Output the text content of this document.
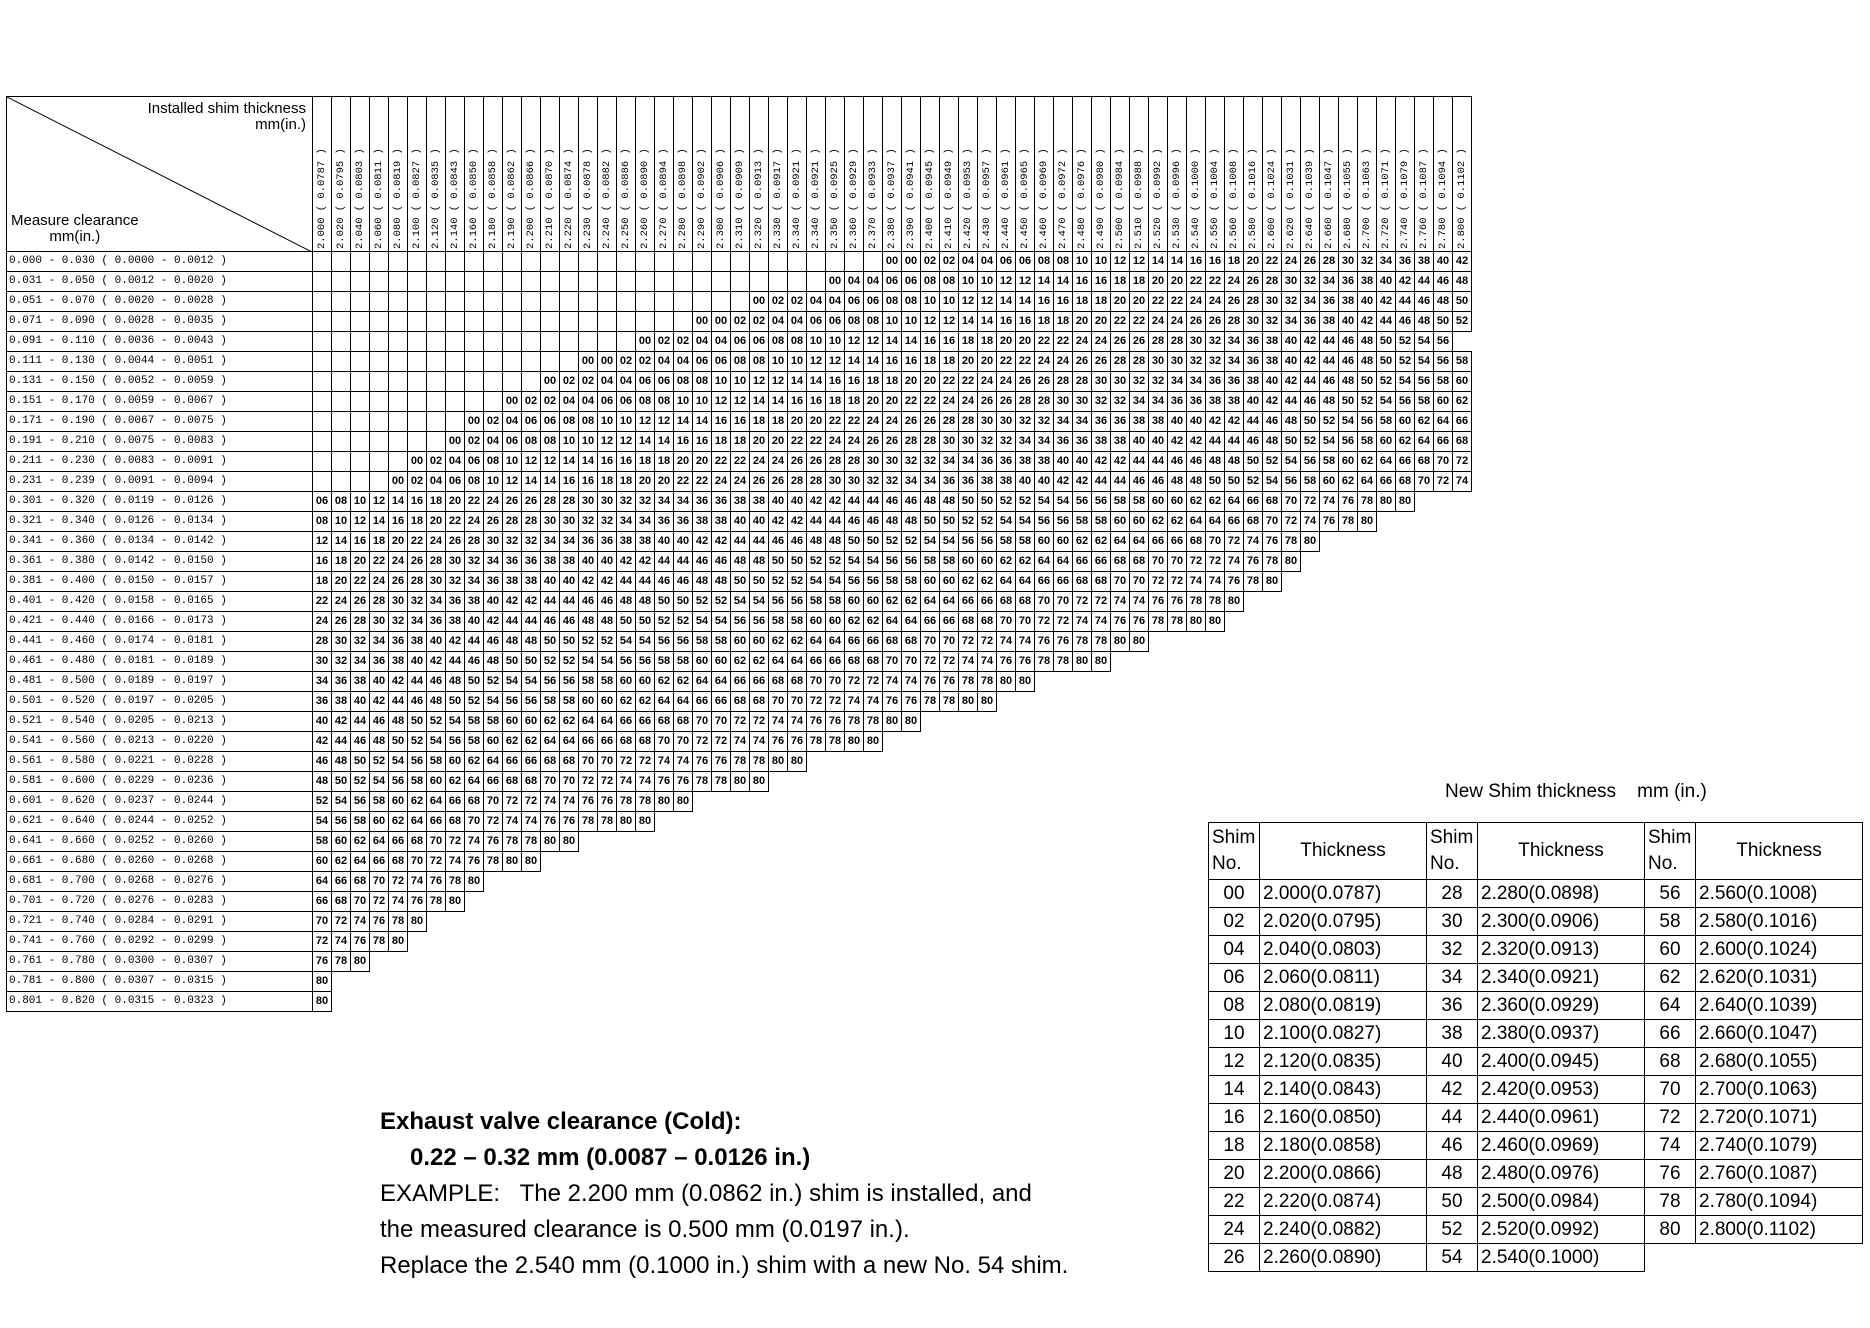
Installed shim thickness
mm(in.)
Measure clearance
mm(in.)	2.000 ( 0.0787 )	2.020 ( 0.0795 )	2.040 ( 0.0803 )	2.060 ( 0.0811 )	2.080 ( 0.0819 )	2.100 ( 0.0827 )	2.120 ( 0.0835 )	2.140 ( 0.0843 )	2.160 ( 0.0850 )	2.180 ( 0.0858 )	2.190 ( 0.0862 )	2.200 ( 0.0866 )	2.210 ( 0.0870 )	2.220 ( 0.0874 )	2.230 ( 0.0878 )	2.240 ( 0.0882 )	2.250 ( 0.0886 )	2.260 ( 0.0890 )	2.270 ( 0.0894 )	2.280 ( 0.0898 )	2.290 ( 0.0902 )	2.300 ( 0.0906 )	2.310 ( 0.0909 )	2.320 ( 0.0913 )	2.330 ( 0.0917 )	2.340 ( 0.0921 )	2.340 ( 0.0921 )	2.350 ( 0.0925 )	2.360 ( 0.0929 )	2.370 ( 0.0933 )	2.380 ( 0.0937 )	2.390 ( 0.0941 )	2.400 ( 0.0945 )	2.410 ( 0.0949 )	2.420 ( 0.0953 )	2.430 ( 0.0957 )	2.440 ( 0.0961 )	2.450 ( 0.0965 )	2.460 ( 0.0969 )	2.470 ( 0.0972 )	2.480 ( 0.0976 )	2.490 ( 0.0980 )	2.500 ( 0.0984 )	2.510 ( 0.0988 )	2.520 ( 0.0992 )	2.530 ( 0.0996 )	2.540 ( 0.1000 )	2.550 ( 0.1004 )	2.560 ( 0.1008 )	2.580 ( 0.1016 )	2.600 ( 0.1024 )	2.620 ( 0.1031 )	2.640 ( 0.1039 )	2.660 ( 0.1047 )	2.680 ( 0.1055 )	2.700 ( 0.1063 )	2.720 ( 0.1071 )	2.740 ( 0.1079 )	2.760 ( 0.1087 )	2.780 ( 0.1094 )	2.800 ( 0.1102 )

0.000 - 0.030 ( 0.0000 - 0.0012 )																															00	00	02	02	04	04	06	06	08	08	10	10	12	12	14	14	16	16	18	20	22	24	26	28	30	32	34	36	38	40	42
0.031 - 0.050 ( 0.0012 - 0.0020 )																												00	04	04	06	06	08	08	10	10	12	12	14	14	16	16	18	18	20	20	22	22	24	26	28	30	32	34	36	38	40	42	44	46	48
0.051 - 0.070 ( 0.0020 - 0.0028 )																								00	02	02	04	04	06	06	08	08	10	10	12	12	14	14	16	16	18	18	20	20	22	22	24	24	26	28	30	32	34	36	38	40	42	44	46	48	50
0.071 - 0.090 ( 0.0028 - 0.0035 )																					00	00	02	02	04	04	06	06	08	08	10	10	12	12	14	14	16	16	18	18	20	20	22	22	24	24	26	26	28	30	32	34	36	38	40	42	44	46	48	50	52
0.091 - 0.110 ( 0.0036 - 0.0043 )																		00	02	02	04	04	06	06	08	08	10	10	12	12	14	14	16	16	18	18	20	20	22	22	24	24	26	26	28	28	30	32	34	36	38	40	42	44	46	48	50	52	54	56	
0.111 - 0.130 ( 0.0044 - 0.0051 )															00	00	02	02	04	04	06	06	08	08	10	10	12	12	14	14	16	16	18	18	20	20	22	22	24	24	26	26	28	28	30	30	32	32	34	36	38	40	42	44	46	48	50	52	54	56	58
0.131 - 0.150 ( 0.0052 - 0.0059 )													00	02	02	04	04	06	06	08	08	10	10	12	12	14	14	16	16	18	18	20	20	22	22	24	24	26	26	28	28	30	30	32	32	34	34	36	36	38	40	42	44	46	48	50	52	54	56	58	60
0.151 - 0.170 ( 0.0059 - 0.0067 )											00	02	02	04	04	06	06	08	08	10	10	12	12	14	14	16	16	18	18	20	20	22	22	24	24	26	26	28	28	30	30	32	32	34	34	36	36	38	38	40	42	44	46	48	50	52	54	56	58	60	62
0.171 - 0.190 ( 0.0067 - 0.0075 )									00	02	04	06	06	08	08	10	10	12	12	14	14	16	16	18	18	20	20	22	22	24	24	26	26	28	28	30	30	32	32	34	34	36	36	38	38	40	40	42	42	44	46	48	50	52	54	56	58	60	62	64	66
0.191 - 0.210 ( 0.0075 - 0.0083 )								00	02	04	06	08	08	10	10	12	12	14	14	16	16	18	18	20	20	22	22	24	24	26	26	28	28	30	30	32	32	34	34	36	36	38	38	40	40	42	42	44	44	46	48	50	52	54	56	58	60	62	64	66	68
0.211 - 0.230 ( 0.0083 - 0.0091 )						00	02	04	06	08	10	12	12	14	14	16	16	18	18	20	20	22	22	24	24	26	26	28	28	30	30	32	32	34	34	36	36	38	38	40	40	42	42	44	44	46	46	48	48	50	52	54	56	58	60	62	64	66	68	70	72
0.231 - 0.239 ( 0.0091 - 0.0094 )					00	02	04	06	08	10	12	14	14	16	16	18	18	20	20	22	22	24	24	26	26	28	28	30	30	32	32	34	34	36	36	38	38	40	40	42	42	44	44	46	46	48	48	50	50	52	54	56	58	60	62	64	66	68	70	72	74
0.301 - 0.320 ( 0.0119 - 0.0126 )	06	08	10	12	14	16	18	20	22	24	26	26	28	28	30	30	32	32	34	34	36	36	38	38	40	40	42	42	44	44	46	46	48	48	50	50	52	52	54	54	56	56	58	58	60	60	62	62	64	66	68	70	72	74	76	78	80	80			
0.321 - 0.340 ( 0.0126 - 0.0134 )	08	10	12	14	16	18	20	22	24	26	28	28	30	30	32	32	34	34	36	36	38	38	40	40	42	42	44	44	46	46	48	48	50	50	52	52	54	54	56	56	58	58	60	60	62	62	64	64	66	68	70	72	74	76	78	80					
0.341 - 0.360 ( 0.0134 - 0.0142 )	12	14	16	18	20	22	24	26	28	30	32	32	34	34	36	36	38	38	40	40	42	42	44	44	46	46	48	48	50	50	52	52	54	54	56	56	58	58	60	60	62	62	64	64	66	66	68	70	72	74	76	78	80								
0.361 - 0.380 ( 0.0142 - 0.0150 )	16	18	20	22	24	26	28	30	32	34	36	36	38	38	40	40	42	42	44	44	46	46	48	48	50	50	52	52	54	54	56	56	58	58	60	60	62	62	64	64	66	66	68	68	70	70	72	72	74	76	78	80									
0.381 - 0.400 ( 0.0150 - 0.0157 )	18	20	22	24	26	28	30	32	34	36	38	38	40	40	42	42	44	44	46	46	48	48	50	50	52	52	54	54	56	56	58	58	60	60	62	62	64	64	66	66	68	68	70	70	72	72	74	74	76	78	80										
0.401 - 0.420 ( 0.0158 - 0.0165 )	22	24	26	28	30	32	34	36	38	40	42	42	44	44	46	46	48	48	50	50	52	52	54	54	56	56	58	58	60	60	62	62	64	64	66	66	68	68	70	70	72	72	74	74	76	76	78	78	80												
0.421 - 0.440 ( 0.0166 - 0.0173 )	24	26	28	30	32	34	36	38	40	42	44	44	46	46	48	48	50	50	52	52	54	54	56	56	58	58	60	60	62	62	64	64	66	66	68	68	70	70	72	72	74	74	76	76	78	78	80	80													
0.441 - 0.460 ( 0.0174 - 0.0181 )	28	30	32	34	36	38	40	42	44	46	48	48	50	50	52	52	54	54	56	56	58	58	60	60	62	62	64	64	66	66	68	68	70	70	72	72	74	74	76	76	78	78	80	80																	
0.461 - 0.480 ( 0.0181 - 0.0189 )	30	32	34	36	38	40	42	44	46	48	50	50	52	52	54	54	56	56	58	58	60	60	62	62	64	64	66	66	68	68	70	70	72	72	74	74	76	76	78	78	80	80																			
0.481 - 0.500 ( 0.0189 - 0.0197 )	34	36	38	40	42	44	46	48	50	52	54	54	56	56	58	58	60	60	62	62	64	64	66	66	68	68	70	70	72	72	74	74	76	76	78	78	80	80																							
0.501 - 0.520 ( 0.0197 - 0.0205 )	36	38	40	42	44	46	48	50	52	54	56	56	58	58	60	60	62	62	64	64	66	66	68	68	70	70	72	72	74	74	76	76	78	78	80	80																									
0.521 - 0.540 ( 0.0205 - 0.0213 )	40	42	44	46	48	50	52	54	58	58	60	60	62	62	64	64	66	66	68	68	70	70	72	72	74	74	76	76	78	78	80	80																													
0.541 - 0.560 ( 0.0213 - 0.0220 )	42	44	46	48	50	52	54	56	58	60	62	62	64	64	66	66	68	68	70	70	72	72	74	74	76	76	78	78	80	80																															
0.561 - 0.580 ( 0.0221 - 0.0228 )	46	48	50	52	54	56	58	60	62	64	66	66	68	68	70	70	72	72	74	74	76	76	78	78	80	80																																			
0.581 - 0.600 ( 0.0229 - 0.0236 )	48	50	52	54	56	58	60	62	64	66	68	68	70	70	72	72	74	74	76	76	78	78	80	80																																					
0.601 - 0.620 ( 0.0237 - 0.0244 )	52	54	56	58	60	62	64	66	68	70	72	72	74	74	76	76	78	78	80	80																																									
0.621 - 0.640 ( 0.0244 - 0.0252 )	54	56	58	60	62	64	66	68	70	72	74	74	76	76	78	78	80	80																																											
0.641 - 0.660 ( 0.0252 - 0.0260 )	58	60	62	64	66	68	70	72	74	76	78	78	80	80																																															
0.661 - 0.680 ( 0.0260 - 0.0268 )	60	62	64	66	68	70	72	74	76	78	80	80																																																	
0.681 - 0.700 ( 0.0268 - 0.0276 )	64	66	68	70	72	74	76	78	80																																																				
0.701 - 0.720 ( 0.0276 - 0.0283 )	66	68	70	72	74	76	78	80																																																					
0.721 - 0.740 ( 0.0284 - 0.0291 )	70	72	74	76	78	80																																																							
0.741 - 0.760 ( 0.0292 - 0.0299 )	72	74	76	78	80																																																								
0.761 - 0.780 ( 0.0300 - 0.0307 )	76	78	80																																																										
0.781 - 0.800 ( 0.0307 - 0.0315 )	80																																																												
0.801 - 0.820 ( 0.0315 - 0.0323 )	80																																																												
New Shim thickness    mm (in.)
Shim No.	Thickness	Shim No.	Thickness	Shim No.	Thickness
00	2.000(0.0787)	28	2.280(0.0898)	56	2.560(0.1008)
02	2.020(0.0795)	30	2.300(0.0906)	58	2.580(0.1016)
04	2.040(0.0803)	32	2.320(0.0913)	60	2.600(0.1024)
06	2.060(0.0811)	34	2.340(0.0921)	62	2.620(0.1031)
08	2.080(0.0819)	36	2.360(0.0929)	64	2.640(0.1039)
10	2.100(0.0827)	38	2.380(0.0937)	66	2.660(0.1047)
12	2.120(0.0835)	40	2.400(0.0945)	68	2.680(0.1055)
14	2.140(0.0843)	42	2.420(0.0953)	70	2.700(0.1063)
16	2.160(0.0850)	44	2.440(0.0961)	72	2.720(0.1071)
18	2.180(0.0858)	46	2.460(0.0969)	74	2.740(0.1079)
20	2.200(0.0866)	48	2.480(0.0976)	76	2.760(0.1087)
22	2.220(0.0874)	50	2.500(0.0984)	78	2.780(0.1094)
24	2.240(0.0882)	52	2.520(0.0992)	80	2.800(0.1102)
26	2.260(0.0890)	54	2.540(0.1000)		
Exhaust valve clearance (Cold):
0.22 – 0.32 mm (0.0087 – 0.0126 in.)
EXAMPLE:   The 2.200 mm (0.0862 in.) shim is installed, and
the measured clearance is 0.500 mm (0.0197 in.).
Replace the 2.540 mm (0.1000 in.) shim with a new No. 54 shim.
